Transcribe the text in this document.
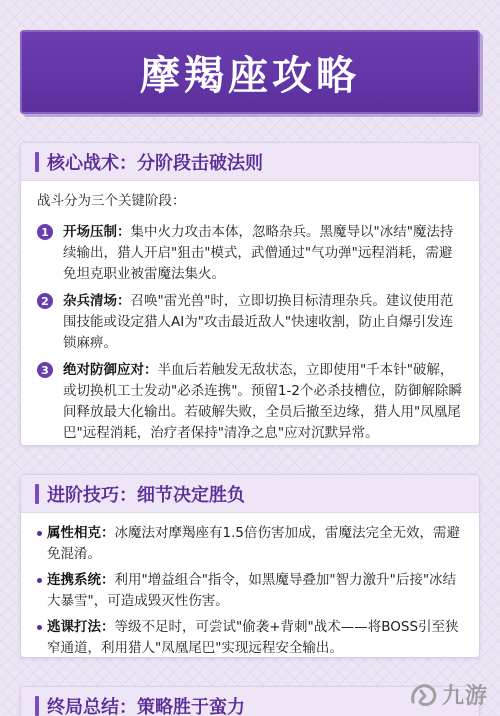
摩羯座攻略
核心战术：分阶段击破法则
战斗分为三个关键阶段：
1	开场压制：集中火力攻击本体，忽略杂兵。黑魔导以"冰结"魔法持续输出，猎人开启"狙击"模式，武僧通过"气功弹"远程消耗，需避免坦克职业被雷魔法集火。
2	杂兵清场：召唤"雷光兽"时，立即切换目标清理杂兵。建议使用范围技能或设定猎人AI为"攻击最近敌人"快速收割，防止自爆引发连锁麻痹。
3	绝对防御应对：半血后若触发无敌状态，立即使用"千本针"破解，或切换机工士发动"必杀连携"。预留1-2个必杀技槽位，防御解除瞬间释放最大化输出。若破解失败，全员后撤至边缘，猎人用"凤凰尾巴"远程消耗，治疗者保持"清净之息"应对沉默异常。
进阶技巧：细节决定胜负
属性相克：冰魔法对摩羯座有1.5倍伤害加成，雷魔法完全无效，需避免混淆。
连携系统：利用"增益组合"指令，如黑魔导叠加"智力激升"后接"冰结大暴雪"，可造成毁灭性伤害。
逃课打法：等级不足时，可尝试"偷袭+背刺"战术——将BOSS引至狭窄通道，利用猎人"凤凰尾巴"实现远程安全输出。
终局总结：策略胜于蛮力	九游
